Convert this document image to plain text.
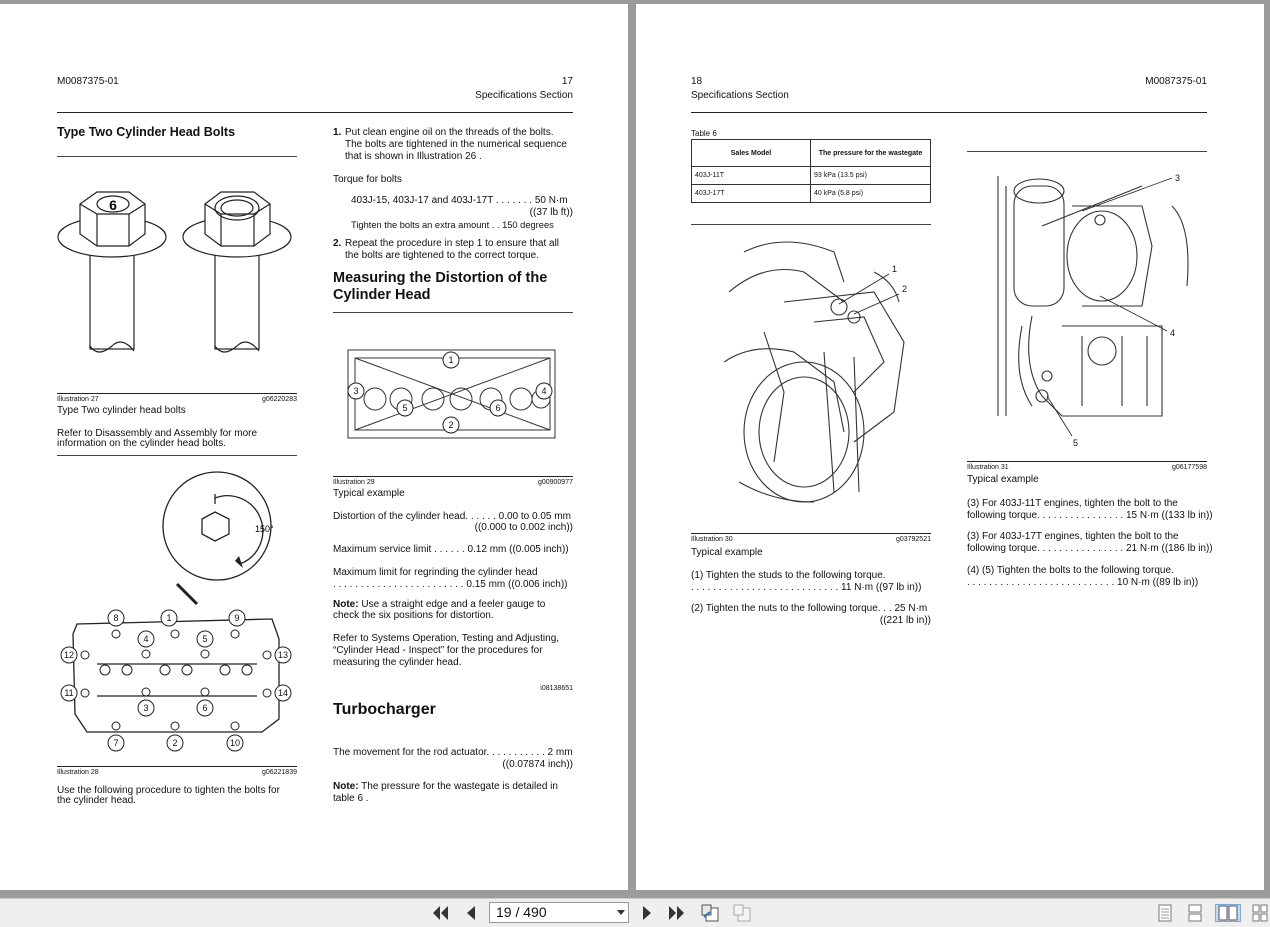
M0087375-01	17
Specifications Section
Type Two Cylinder Head Bolts
6
Illustration 27	g06220283
Type Two cylinder head bolts
Refer to Disassembly and Assembly for more
information on the cylinder head bolts.
150°
8	1	9
4	5
12	13
11	14
3	6
7	2	10
Illustration 28	g06221839
Use the following procedure to tighten the bolts for
the cylinder head.
1. Put clean engine oil on the threads of the bolts.
The bolts are tightened in the numerical sequence
that is shown in Illustration 26 .
Torque for bolts
403J-15, 403J-17 and 403J-17T . . . . . . . 50 N·m
((37 lb ft))
Tighten the bolts an extra amount . . 150 degrees
2. Repeat the procedure in step 1 to ensure that all
the bolts are tightened to the correct torque.
Measuring the Distortion of the
Cylinder Head
1
3	4
5	6
2
Illustration 29	g00900977
Typical example
Distortion of the cylinder head. . . . . . 0.00 to 0.05 mm
((0.000 to 0.002 inch))
Maximum service limit . . . . . . 0.12 mm ((0.005 inch))
Maximum limit for regrinding the cylinder head
. . . . . . . . . . . . . . . . . . . . . . . . 0.15 mm ((0.006 inch))
Note: Use a straight edge and a feeler gauge to
check the six positions for distortion.
Refer to Systems Operation, Testing and Adjusting,
“Cylinder Head - Inspect” for the procedures for
measuring the cylinder head.
i08138651
Turbocharger
The movement for the rod actuator. . . . . . . . . . . 2 mm
((0.07874 inch))
Note: The pressure for the wastegate is detailed in
table 6 .
18
Specifications Section
M0087375-01
Table 6
Sales Model	The pressure for the wastegate
403J-11T	93 kPa (13.5 psi)
403J-17T	40 kPa (5.8 psi)
1
2
Illustration 30	g03792521
Typical example
(1) Tighten the studs to the following torque.
. . . . . . . . . . . . . . . . . . . . . . . . . . . 11 N·m ((97 lb in))
(2) Tighten the nuts to the following torque. . . 25 N·m
((221 lb in))
3
4
5
Illustration 31	g06177598
Typical example
(3) For 403J-11T engines, tighten the bolt to the
following torque. . . . . . . . . . . . . . . . 15 N·m ((133 lb in))
(3) For 403J-17T engines, tighten the bolt to the
following torque. . . . . . . . . . . . . . . . 21 N·m ((186 lb in))
(4) (5) Tighten the bolts to the following torque.
. . . . . . . . . . . . . . . . . . . . . . . . . . . 10 N·m ((89 lb in))
19 / 490
